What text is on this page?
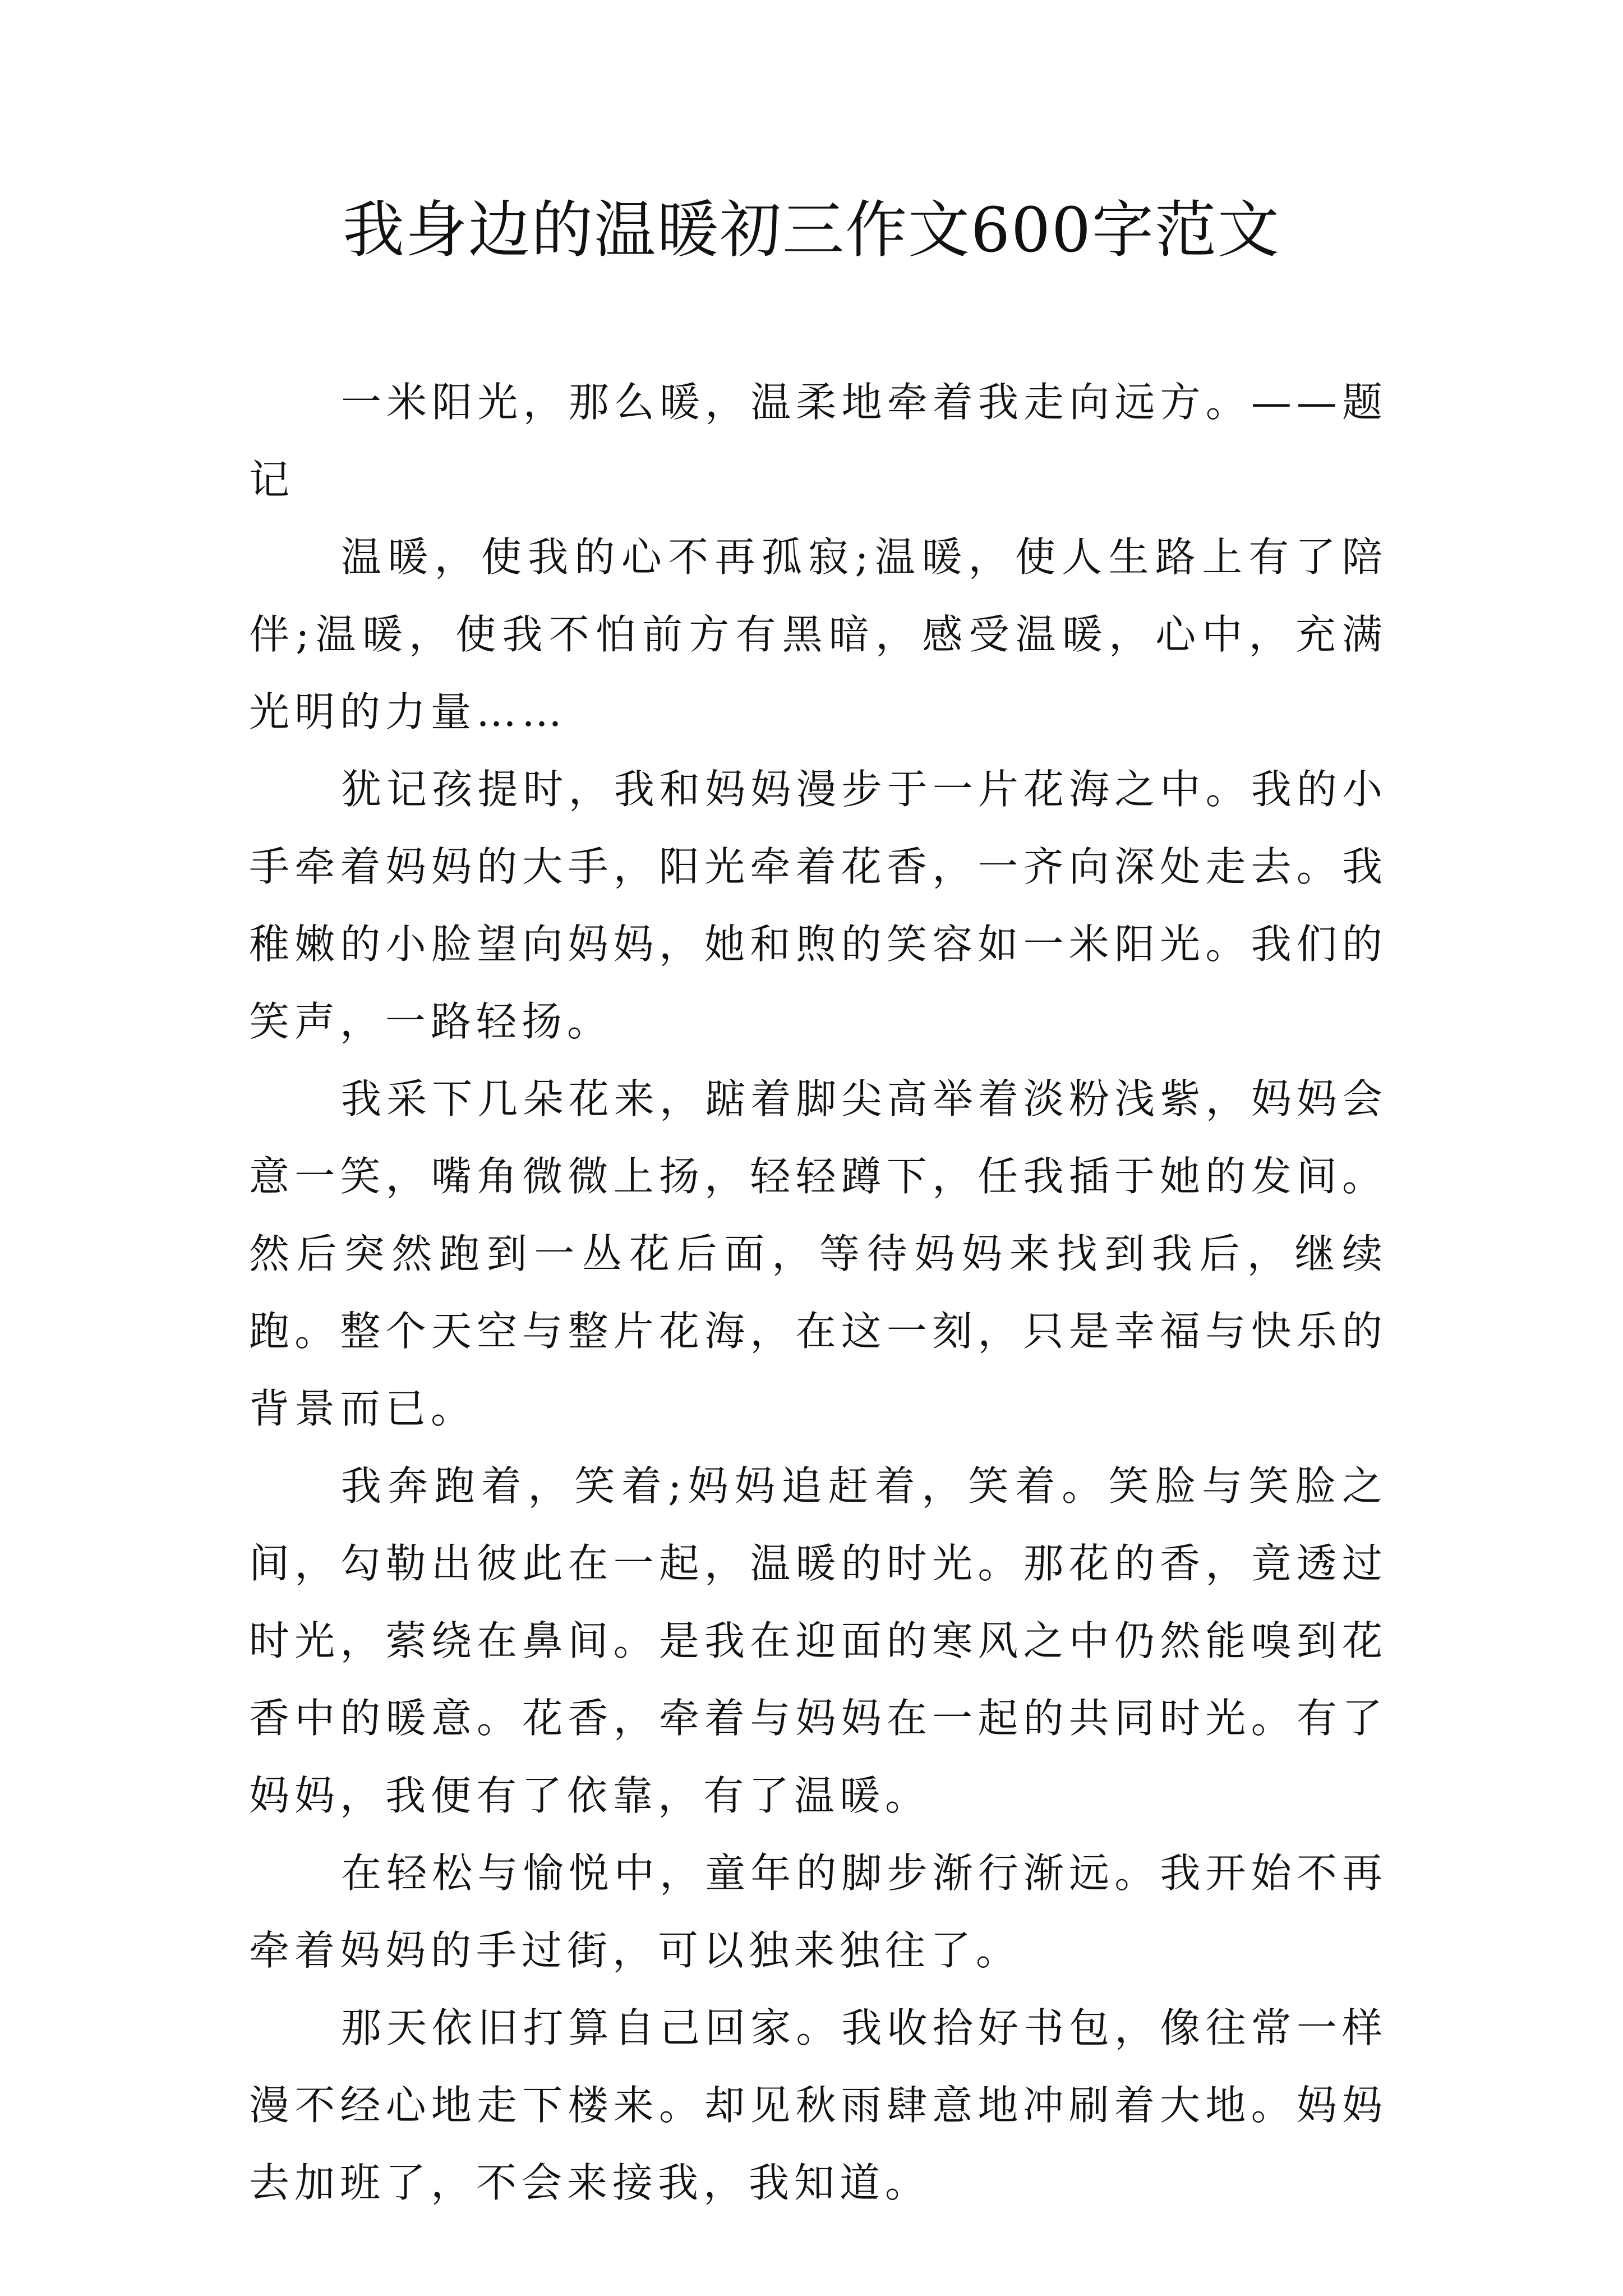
我身边的温暖初三作文600字范文

一米阳光，那么暖，温柔地牵着我走向远方。——题记

温暖，使我的心不再孤寂;温暖，使人生路上有了陪伴;温暖，使我不怕前方有黑暗，感受温暖，心中，充满光明的力量……

犹记孩提时，我和妈妈漫步于一片花海之中。我的小手牵着妈妈的大手，阳光牵着花香，一齐向深处走去。我稚嫩的小脸望向妈妈，她和煦的笑容如一米阳光。我们的笑声，一路轻扬。

我采下几朵花来，踮着脚尖高举着淡粉浅紫，妈妈会意一笑，嘴角微微上扬，轻轻蹲下，任我插于她的发间。然后突然跑到一丛花后面，等待妈妈来找到我后，继续跑。整个天空与整片花海，在这一刻，只是幸福与快乐的背景而已。

我奔跑着，笑着;妈妈追赶着，笑着。笑脸与笑脸之间，勾勒出彼此在一起，温暖的时光。那花的香，竟透过时光，萦绕在鼻间。是我在迎面的寒风之中仍然能嗅到花香中的暖意。花香，牵着与妈妈在一起的共同时光。有了妈妈，我便有了依靠，有了温暖。

在轻松与愉悦中，童年的脚步渐行渐远。我开始不再牵着妈妈的手过街，可以独来独往了。

那天依旧打算自己回家。我收拾好书包，像往常一样漫不经心地走下楼来。却见秋雨肆意地冲刷着大地。妈妈去加班了，不会来接我，我知道。
